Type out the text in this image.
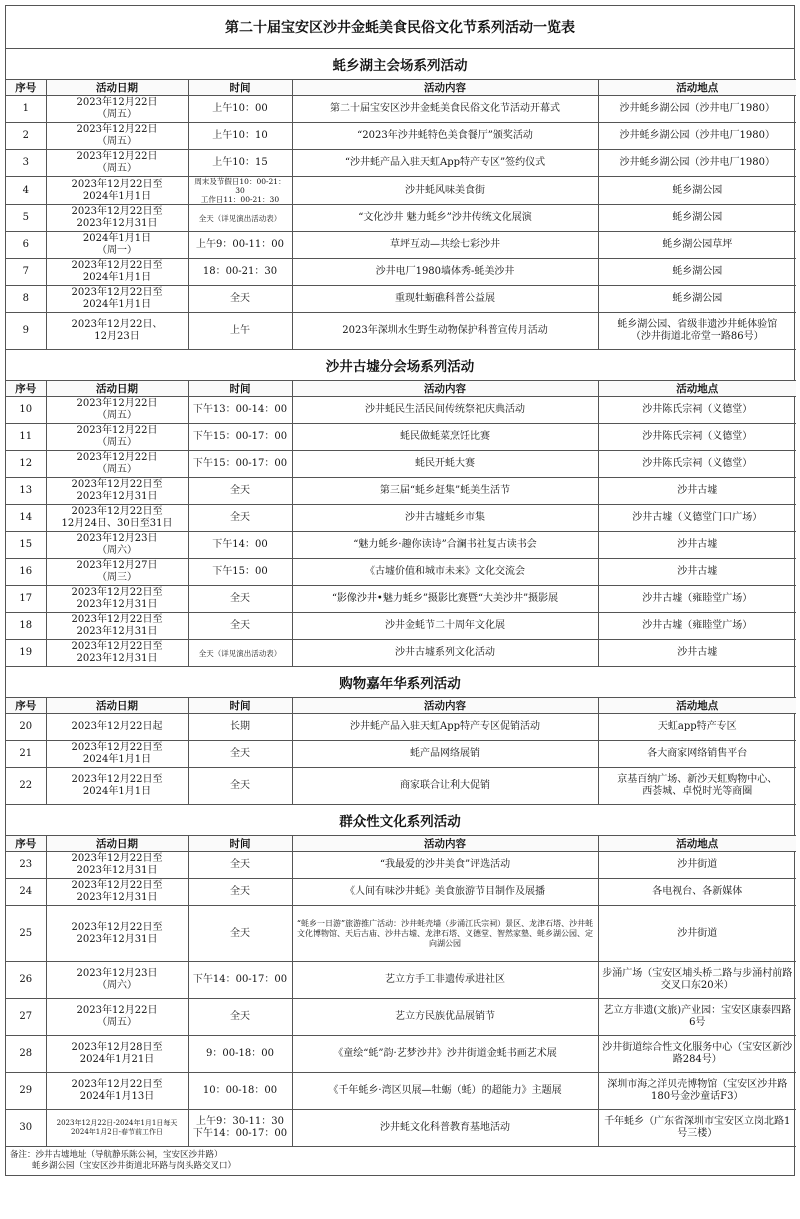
第二十届宝安区沙井金蚝美食民俗文化节系列活动一览表
蚝乡湖主会场系列活动
序号	活动日期	时间	活动内容	活动地点
1	2023年12月22日
（周五）	上午10：00	第二十届宝安区沙井金蚝美食民俗文化节活动开幕式	沙井蚝乡湖公园（沙井电厂1980）
2	2023年12月22日
（周五）	上午10：10	“2023年沙井蚝特色美食餐厅”颁奖活动	沙井蚝乡湖公园（沙井电厂1980）
3	2023年12月22日
（周五）	上午10：15	“沙井蚝产品入驻天虹App特产专区”签约仪式	沙井蚝乡湖公园（沙井电厂1980）
4	2023年12月22日至
2024年1月1日	周末及节假日10：00-21：30
工作日11：00-21：30	沙井蚝风味美食街	蚝乡湖公园
5	2023年12月22日至
2023年12月31日	全天（详见演出活动表）	“文化沙井 魅力蚝乡”沙井传统文化展演	蚝乡湖公园
6	2024年1月1日
（周一）	上午9：00-11：00	草坪互动—共绘七彩沙井	蚝乡湖公园草坪
7	2023年12月22日至
2024年1月1日	18：00-21：30	沙井电厂1980墙体秀-蚝美沙井	蚝乡湖公园
8	2023年12月22日至
2024年1月1日	全天	重现牡蛎礁科普公益展	蚝乡湖公园
9	2023年12月22日、
12月23日	上午	2023年深圳水生野生动物保护科普宣传月活动	蚝乡湖公园、省级非遗沙井蚝体验馆
（沙井街道北帝堂一路86号）
沙井古墟分会场系列活动
序号	活动日期	时间	活动内容	活动地点
10	2023年12月22日
（周五）	下午13：00-14：00	沙井蚝民生活民间传统祭祀庆典活动	沙井陈氏宗祠（义德堂）
11	2023年12月22日
（周五）	下午15：00-17：00	蚝民做蚝菜烹饪比赛	沙井陈氏宗祠（义德堂）
12	2023年12月22日
（周五）	下午15：00-17：00	蚝民开蚝大赛	沙井陈氏宗祠（义德堂）
13	2023年12月22日至
2023年12月31日	全天	第三届“蚝乡赶集”蚝美生活节	沙井古墟
14	2023年12月22日至
12月24日、30日至31日	全天	沙井古墟蚝乡市集	沙井古墟（义德堂门口广场）
15	2023年12月23日
（周六）	下午14：00	“魅力蚝乡·趣你读诗”合澜书社复古读书会	沙井古墟
16	2023年12月27日
（周三）	下午15：00	《古墟价值和城市未来》文化交流会	沙井古墟
17	2023年12月22日至
2023年12月31日	全天	“影像沙井•魅力蚝乡”摄影比赛暨“大美沙井”摄影展	沙井古墟（雍睦堂广场）
18	2023年12月22日至
2023年12月31日	全天	沙井金蚝节二十周年文化展	沙井古墟（雍睦堂广场）
19	2023年12月22日至
2023年12月31日	全天（详见演出活动表）	沙井古墟系列文化活动	沙井古墟
购物嘉年华系列活动
序号	活动日期	时间	活动内容	活动地点
20	2023年12月22日起	长期	沙井蚝产品入驻天虹App特产专区促销活动	天虹app特产专区
21	2023年12月22日至
2024年1月1日	全天	蚝产品网络展销	各大商家网络销售平台
22	2023年12月22日至
2024年1月1日	全天	商家联合让利大促销	京基百纳广场、新沙天虹购物中心、
西荟城、卓悦时光等商圈
群众性文化系列活动
序号	活动日期	时间	活动内容	活动地点
23	2023年12月22日至
2023年12月31日	全天	“我最爱的沙井美食”评选活动	沙井街道
24	2023年12月22日至
2023年12月31日	全天	《人间有味沙井蚝》美食旅游节目制作及展播	各电视台、各新媒体
25	2023年12月22日至
2023年12月31日	全天	“蚝乡一日游”旅游推广活动：沙井蚝壳墙（步涌江氏宗祠）景区、龙津石塔、沙井蚝文化博物馆、天后古庙、沙井古墟、龙津石塔、义德堂、智然家塾、蚝乡湖公园、定向湖公园	沙井街道
26	2023年12月23日
（周六）	下午14：00-17：00	艺立方手工非遗传承进社区	步涌广场（宝安区埔头桥二路与步涌村前路交叉口东20米）
27	2023年12月22日
（周五）	全天	艺立方民族优品展销节	艺立方非遗(文旅)产业园：宝安区康泰四路6号
28	2023年12月28日至
2024年1月21日	9：00-18：00	《童绘“蚝”韵·艺梦沙井》沙井街道金蚝书画艺术展	沙井街道综合性文化服务中心（宝安区新沙路284号）
29	2023年12月22日至
2024年1月13日	10：00-18：00	《千年蚝乡·湾区贝展—牡蛎（蚝）的超能力》主题展	深圳市海之洋贝壳博物馆（宝安区沙井路180号金沙童话F3）
30	2023年12月22日-2024年1月1日每天
2024年1月2日-春节前工作日	上午9：30-11：30
下午14：00-17：00	沙井蚝文化科普教育基地活动	千年蚝乡（广东省深圳市宝安区立岗北路1号三楼）
备注：沙井古墟地址（导航静乐陈公祠，宝安区沙井路）
蚝乡湖公园（宝安区沙井街道北环路与岗头路交叉口）
